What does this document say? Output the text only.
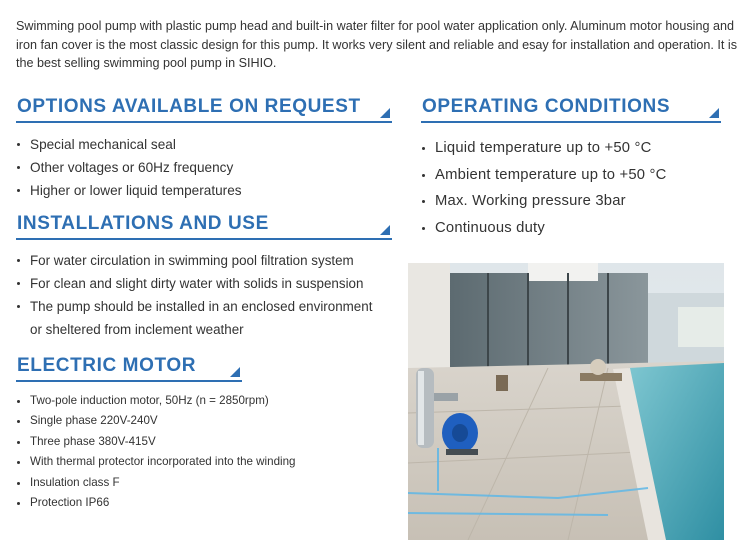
Swimming pool pump with plastic pump head and built-in water filter for pool water application only. Aluminum motor housing and iron fan cover is the most classic design for this pump. It works very silent and reliable and esay for installation and operation. It is the best selling swimming pool pump in SIHIO.

OPTIONS AVAILABLE ON REQUEST
Special mechanical seal
Other voltages or 60Hz frequency
Higher or lower liquid temperatures
OPERATING CONDITIONS
Liquid temperature up to +50 °C
Ambient temperature up to +50 °C
Max. Working pressure 3bar
Continuous duty
INSTALLATIONS AND USE
For water circulation in swimming pool filtration system
For clean and slight dirty water with solids in suspension
The pump should be installed in an enclosed environment
or sheltered from inclement weather
ELECTRIC MOTOR
Two-pole induction motor, 50Hz (n = 2850rpm)
Single phase 220V-240V
Three phase 380V-415V
With thermal protector incorporated into the winding
Insulation class F
Protection IP66
